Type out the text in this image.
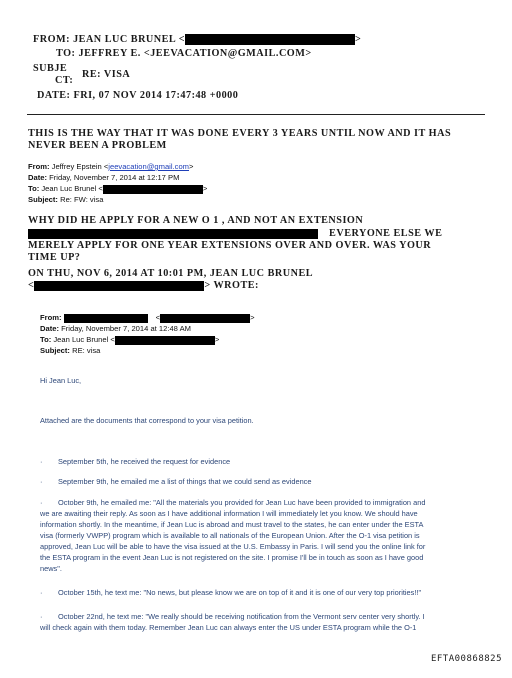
FROM: JEAN LUC BRUNEL <	>
TO: JEFFREY E. <JEEVACATION@GMAIL.COM>
SUBJE
CT:
RE: VISA
DATE: FRI, 07 NOV 2014 17:47:48 +0000
THIS IS THE WAY THAT IT WAS DONE EVERY 3 YEARS UNTIL NOW AND IT HAS
NEVER BEEN A PROBLEM
From: Jeffrey Epstein <jeevacation@gmail.com>
Date: Friday, November 7, 2014 at 12:17 PM
To: Jean Luc Brunel <	>
Subject: Re: FW: visa
WHY DID HE APPLY FOR A NEW O 1 , AND NOT AN EXTENSION
EVERYONE ELSE WE
MERELY APPLY FOR ONE YEAR EXTENSIONS OVER AND OVER. WAS YOUR
TIME UP?
ON THU, NOV 6, 2014 AT 10:01 PM, JEAN LUC BRUNEL
<	> WROTE:
From:	<	>
Date: Friday, November 7, 2014 at 12:48 AM
To: Jean Luc Brunel <	>
Subject: RE: visa
Hi Jean Luc,
Attached are the documents that correspond to your visa petition.
· September 5th, he received the request for evidence
· September 9th, he emailed me a list of things that we could send as evidence
· October 9th, he emailed me: "All the materials you provided for Jean Luc have been provided to immigration and
we are awaiting their reply. As soon as I have additional information I will immediately let you know. We should have
information shortly. In the meantime, if Jean Luc is abroad and must travel to the states, he can enter under the ESTA
visa (formerly VWPP) program which is available to all nationals of the European Union. After the O-1 visa petition is
approved, Jean Luc will be able to have the visa issued at the U.S. Embassy in Paris. I will send you the online link for
the ESTA program in the event Jean Luc is not registered on the site. I promise I'll be in touch as soon as I have good
news".
· October 15th, he text me: "No news, but please know we are on top of it and it is one of our very top priorities!!"
· October 22nd, he text me: "We really should be receiving notification from the Vermont serv center very shortly. I
will check again with them today. Remember Jean Luc can always enter the US under ESTA program while the O-1
EFTA00868825
